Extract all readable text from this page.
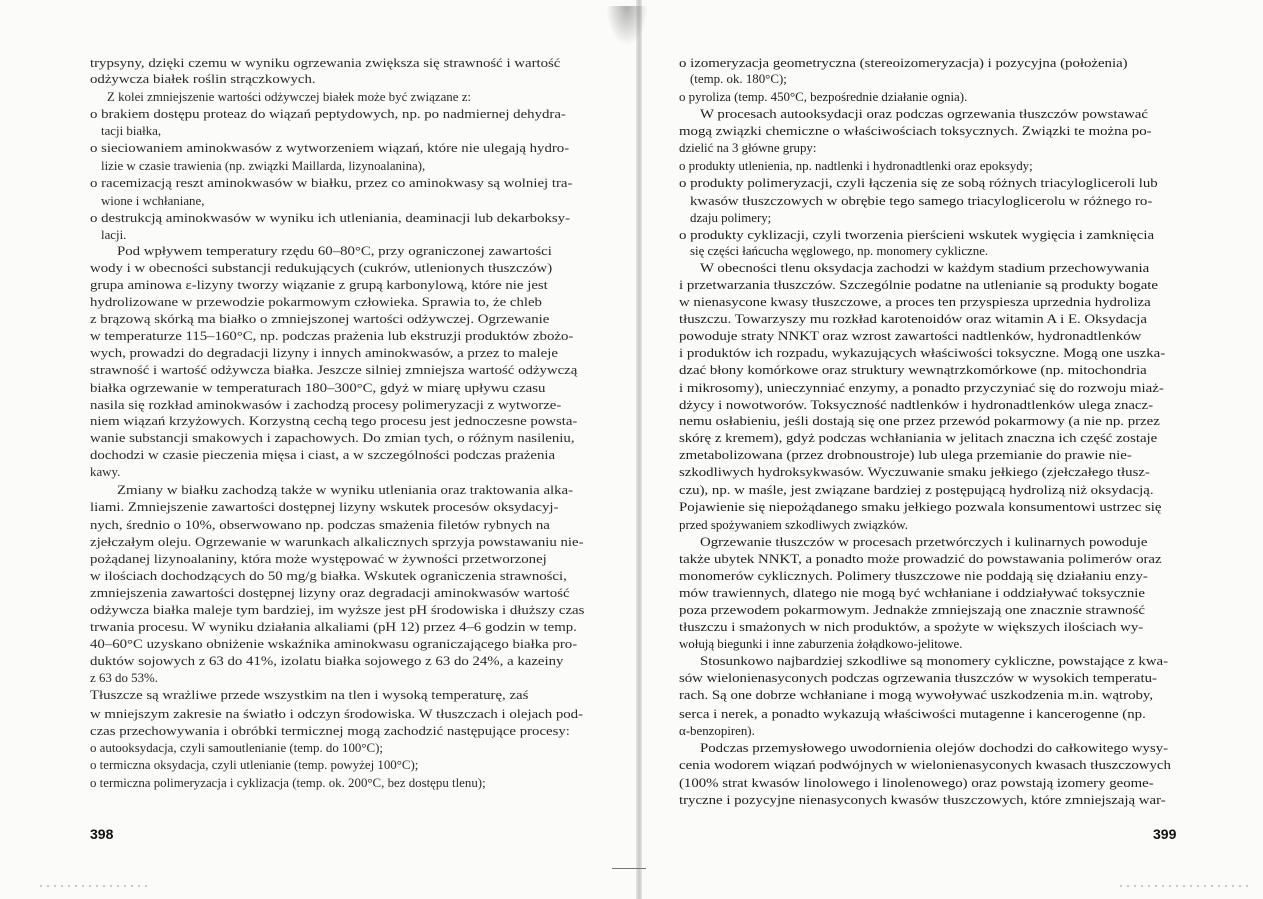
trypsyny, dzięki czemu w wyniku ogrzewania zwiększa się strawność i wartość
odżywcza białek roślin strączkowych.
Z kolei zmniejszenie wartości odżywczej białek może być związane z:
o brakiem dostępu proteaz do wiązań peptydowych, np. po nadmiernej dehydra-
tacji białka,
o sieciowaniem aminokwasów z wytworzeniem wiązań, które nie ulegają hydro-
lizie w czasie trawienia (np. związki Maillarda, lizynoalanina),
o racemizacją reszt aminokwasów w białku, przez co aminokwasy są wolniej tra-
wione i wchłaniane,
o destrukcją aminokwasów w wyniku ich utleniania, deaminacji lub dekarboksy-
lacji.
Pod wpływem temperatury rzędu 60–80°C, przy ograniczonej zawartości
wody i w obecności substancji redukujących (cukrów, utlenionych tłuszczów)
grupa aminowa ε-lizyny tworzy wiązanie z grupą karbonylową, które nie jest
hydrolizowane w przewodzie pokarmowym człowieka. Sprawia to, że chleb
z brązową skórką ma białko o zmniejszonej wartości odżywczej. Ogrzewanie
w temperaturze 115–160°C, np. podczas prażenia lub ekstruzji produktów zbożo-
wych, prowadzi do degradacji lizyny i innych aminokwasów, a przez to maleje
strawność i wartość odżywcza białka. Jeszcze silniej zmniejsza wartość odżywczą
białka ogrzewanie w temperaturach 180–300°C, gdyż w miarę upływu czasu
nasila się rozkład aminokwasów i zachodzą procesy polimeryzacji z wytworze-
niem wiązań krzyżowych. Korzystną cechą tego procesu jest jednoczesne powsta-
wanie substancji smakowych i zapachowych. Do zmian tych, o różnym nasileniu,
dochodzi w czasie pieczenia mięsa i ciast, a w szczególności podczas prażenia
kawy.
Zmiany w białku zachodzą także w wyniku utleniania oraz traktowania alka-
liami. Zmniejszenie zawartości dostępnej lizyny wskutek procesów oksydacyj-
nych, średnio o 10%, obserwowano np. podczas smażenia filetów rybnych na
zjełczałym oleju. Ogrzewanie w warunkach alkalicznych sprzyja powstawaniu nie-
pożądanej lizynoalaniny, która może występować w żywności przetworzonej
w ilościach dochodzących do 50 mg/g białka. Wskutek ograniczenia strawności,
zmniejszenia zawartości dostępnej lizyny oraz degradacji aminokwasów wartość
odżywcza białka maleje tym bardziej, im wyższe jest pH środowiska i dłuższy czas
trwania procesu. W wyniku działania alkaliami (pH 12) przez 4–6 godzin w temp.
40–60°C uzyskano obniżenie wskaźnika aminokwasu ograniczającego białka pro-
duktów sojowych z 63 do 41%, izolatu białka sojowego z 63 do 24%, a kazeiny
z 63 do 53%.
Tłuszcze są wrażliwe przede wszystkim na tlen i wysoką temperaturę, zaś
w mniejszym zakresie na światło i odczyn środowiska. W tłuszczach i olejach pod-
czas przechowywania i obróbki termicznej mogą zachodzić następujące procesy:
o autooksydacja, czyli samoutlenianie (temp. do 100°C);
o termiczna oksydacja, czyli utlenianie (temp. powyżej 100°C);
o termiczna polimeryzacja i cyklizacja (temp. ok. 200°C, bez dostępu tlenu);
398
o izomeryzacja geometryczna (stereoizomeryzacja) i pozycyjna (położenia)
(temp. ok. 180°C);
o pyroliza (temp. 450°C, bezpośrednie działanie ognia).
W procesach autooksydacji oraz podczas ogrzewania tłuszczów powstawać
mogą związki chemiczne o właściwościach toksycznych. Związki te można po-
dzielić na 3 główne grupy:
o produkty utlenienia, np. nadtlenki i hydronadtlenki oraz epoksydy;
o produkty polimeryzacji, czyli łączenia się ze sobą różnych triacylogliceroli lub
kwasów tłuszczowych w obrębie tego samego triacyloglicerolu w różnego ro-
dzaju polimery;
o produkty cyklizacji, czyli tworzenia pierścieni wskutek wygięcia i zamknięcia
się części łańcucha węglowego, np. monomery cykliczne.
W obecności tlenu oksydacja zachodzi w każdym stadium przechowywania
i przetwarzania tłuszczów. Szczególnie podatne na utlenianie są produkty bogate
w nienasycone kwasy tłuszczowe, a proces ten przyspiesza uprzednia hydroliza
tłuszczu. Towarzyszy mu rozkład karotenoidów oraz witamin A i E. Oksydacja
powoduje straty NNKT oraz wzrost zawartości nadtlenków, hydronadtlenków
i produktów ich rozpadu, wykazujących właściwości toksyczne. Mogą one uszka-
dzać błony komórkowe oraz struktury wewnątrzkomórkowe (np. mitochondria
i mikrosomy), unieczynniać enzymy, a ponadto przyczyniać się do rozwoju miaż-
dżycy i nowotworów. Toksyczność nadtlenków i hydronadtlenków ulega znacz-
nemu osłabieniu, jeśli dostają się one przez przewód pokarmowy (a nie np. przez
skórę z kremem), gdyż podczas wchłaniania w jelitach znaczna ich część zostaje
zmetabolizowana (przez drobnoustroje) lub ulega przemianie do prawie nie-
szkodliwych hydroksykwasów. Wyczuwanie smaku jełkiego (zjełczałego tłusz-
czu), np. w maśle, jest związane bardziej z postępującą hydrolizą niż oksydacją.
Pojawienie się niepożądanego smaku jełkiego pozwala konsumentowi ustrzec się
przed spożywaniem szkodliwych związków.
Ogrzewanie tłuszczów w procesach przetwórczych i kulinarnych powoduje
także ubytek NNKT, a ponadto może prowadzić do powstawania polimerów oraz
monomerów cyklicznych. Polimery tłuszczowe nie poddają się działaniu enzy-
mów trawiennych, dlatego nie mogą być wchłaniane i oddziaływać toksycznie
poza przewodem pokarmowym. Jednakże zmniejszają one znacznie strawność
tłuszczu i smażonych w nich produktów, a spożyte w większych ilościach wy-
wołują biegunki i inne zaburzenia żołądkowo-jelitowe.
Stosunkowo najbardziej szkodliwe są monomery cykliczne, powstające z kwa-
sów wielonienasyconych podczas ogrzewania tłuszczów w wysokich temperatu-
rach. Są one dobrze wchłaniane i mogą wywoływać uszkodzenia m.in. wątroby,
serca i nerek, a ponadto wykazują właściwości mutagenne i kancerogenne (np.
α-benzopiren).
Podczas przemysłowego uwodornienia olejów dochodzi do całkowitego wysy-
cenia wodorem wiązań podwójnych w wielonienasyconych kwasach tłuszczowych
(100% strat kwasów linolowego i linolenowego) oraz powstają izomery geome-
tryczne i pozycyjne nienasyconych kwasów tłuszczowych, które zmniejszają war-
399
